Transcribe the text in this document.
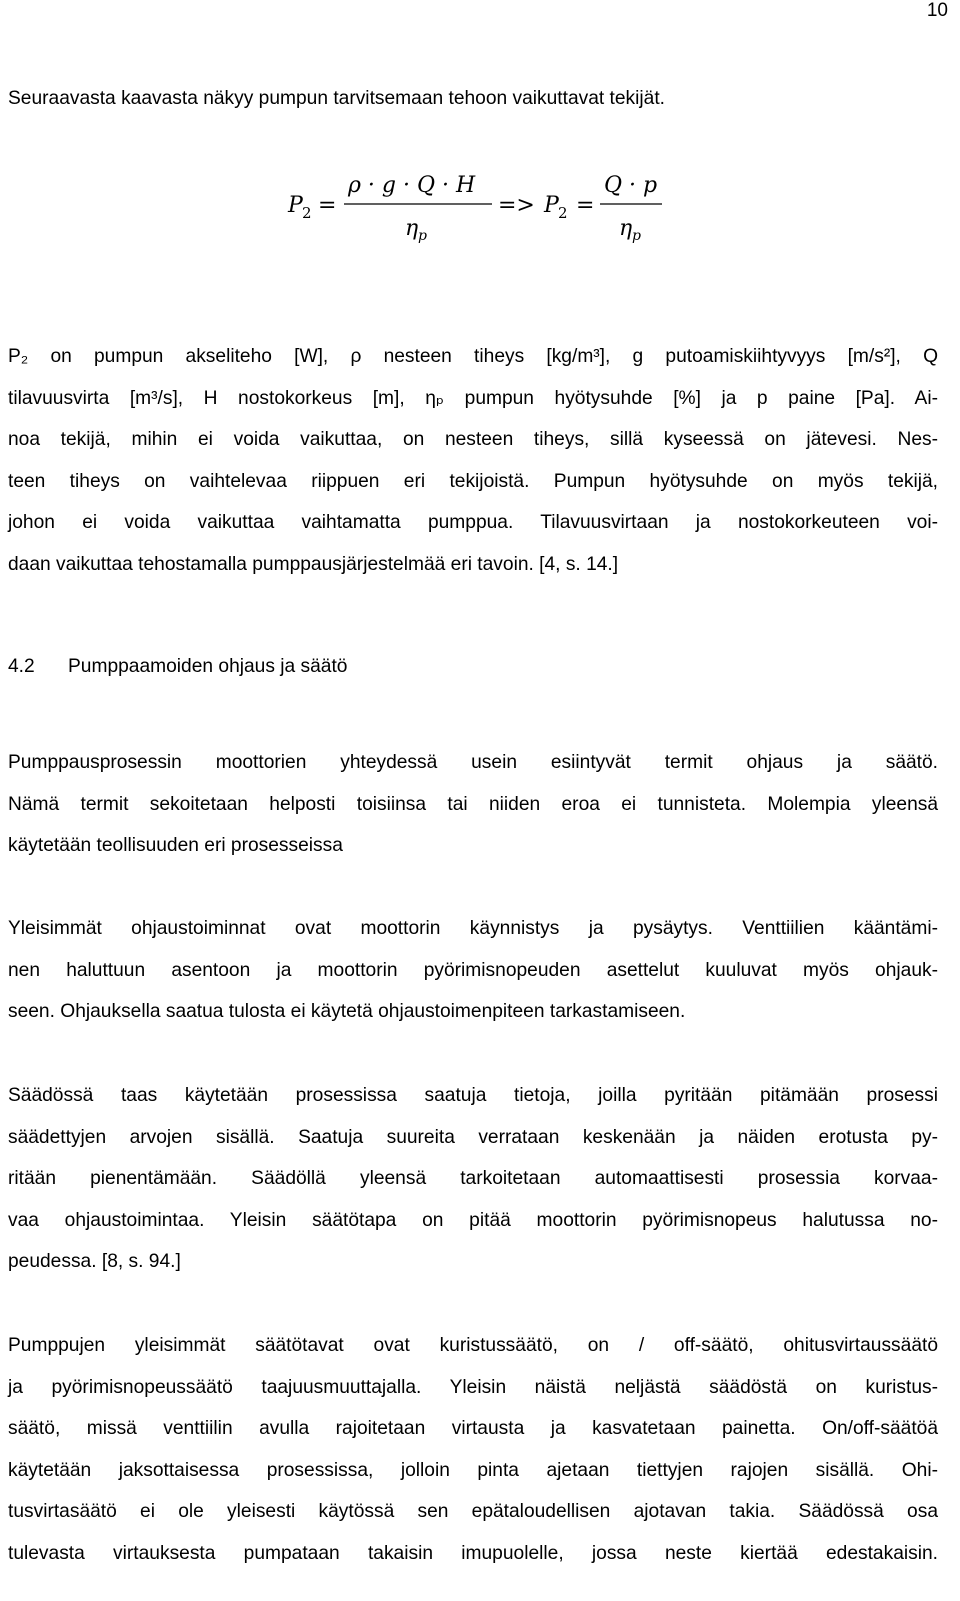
10

Seuraavasta kaavasta näkyy pumpun tarvitsemaan tehoon vaikuttavat tekijät.

P 2 =
ρ · g · Q · H
η p
=> P 2 =
Q · p
η p

P₂ on pumpun akseliteho [W], ρ nesteen tiheys [kg/m³], g putoamiskiihtyvyys [m/s²], Q
tilavuusvirta [m³/s], H nostokorkeus [m], ηₚ pumpun hyötysuhde [%] ja p paine [Pa]. Ai-
noa tekijä, mihin ei voida vaikuttaa, on nesteen tiheys, sillä kyseessä on jätevesi. Nes-
teen tiheys on vaihtelevaa riippuen eri tekijoistä. Pumpun hyötysuhde on myös tekijä,
johon ei voida vaikuttaa vaihtamatta pumppua. Tilavuusvirtaan ja nostokorkeuteen voi-
daan vaikuttaa tehostamalla pumppausjärjestelmää eri tavoin. [4, s. 14.]

4.2 Pumppaamoiden ohjaus ja säätö

Pumppausprosessin moottorien yhteydessä usein esiintyvät termit ohjaus ja säätö.
Nämä termit sekoitetaan helposti toisiinsa tai niiden eroa ei tunnisteta. Molempia yleensä
käytetään teollisuuden eri prosesseissa

Yleisimmät ohjaustoiminnat ovat moottorin käynnistys ja pysäytys. Venttiilien kääntämi-
nen haluttuun asentoon ja moottorin pyörimisnopeuden asettelut kuuluvat myös ohjauk-
seen. Ohjauksella saatua tulosta ei käytetä ohjaustoimenpiteen tarkastamiseen.

Säädössä taas käytetään prosessissa saatuja tietoja, joilla pyritään pitämään prosessi
säädettyjen arvojen sisällä. Saatuja suureita verrataan keskenään ja näiden erotusta py-
ritään pienentämään. Säädöllä yleensä tarkoitetaan automaattisesti prosessia korvaa-
vaa ohjaustoimintaa. Yleisin säätötapa on pitää moottorin pyörimisnopeus halutussa no-
peudessa. [8, s. 94.]

Pumppujen yleisimmät säätötavat ovat kuristussäätö, on / off-säätö, ohitusvirtaussäätö
ja pyörimisnopeussäätö taajuusmuuttajalla. Yleisin näistä neljästä säädöstä on kuristus-
säätö, missä venttiilin avulla rajoitetaan virtausta ja kasvatetaan painetta. On/off-säätöä
käytetään jaksottaisessa prosessissa, jolloin pinta ajetaan tiettyjen rajojen sisällä. Ohi-
tusvirtasäätö ei ole yleisesti käytössä sen epätaloudellisen ajotavan takia. Säädössä osa
tulevasta virtauksesta pumpataan takaisin imupuolelle, jossa neste kiertää edestakaisin.
